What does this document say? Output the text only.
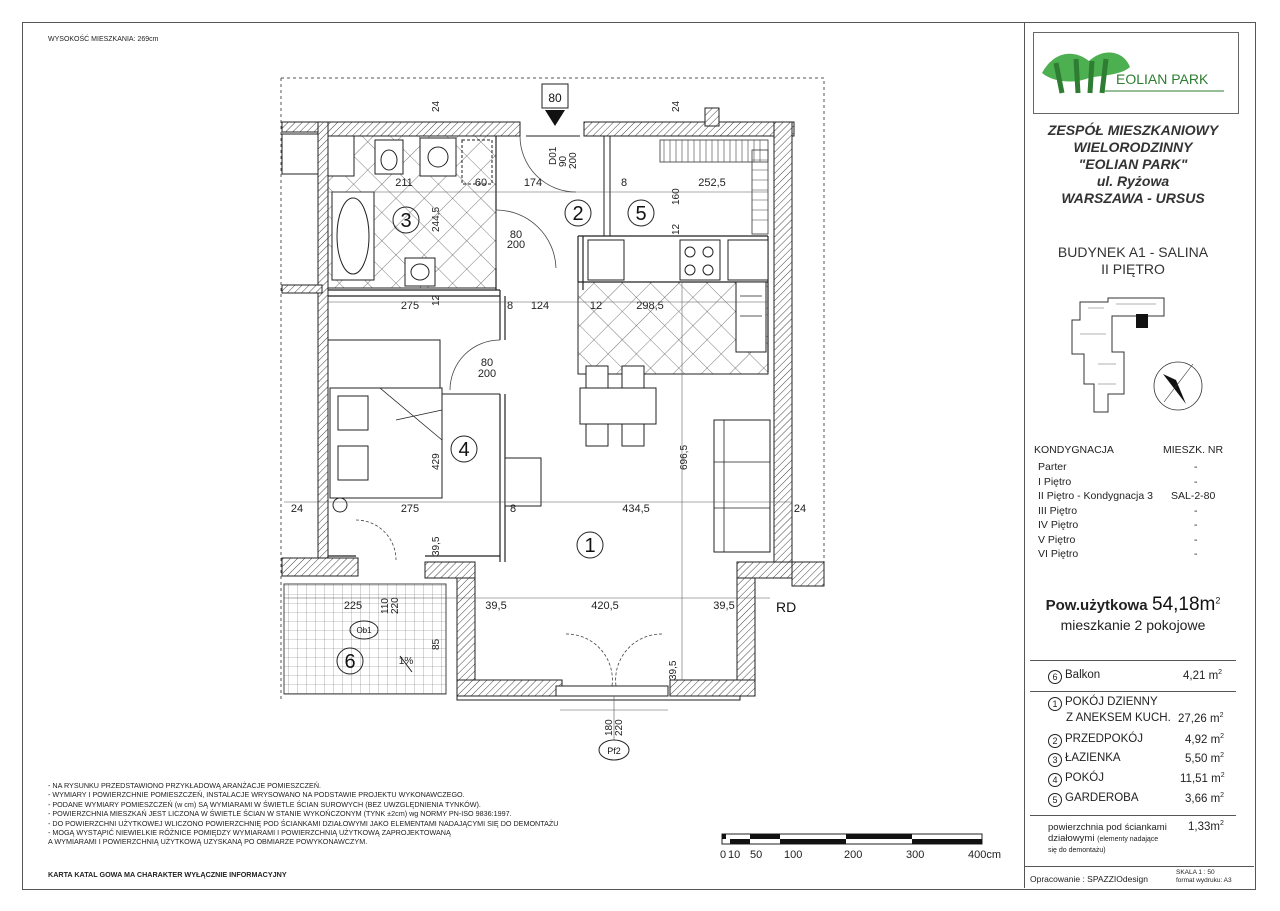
WYSOKOŚĆ MIESZKANIA: 269cm
3	2	5
4
1
6
80
RD
Pf2
Ob1
D01 90 200
211	60	174	8	252,5
80
200
275	8 124	12	298,5
80
200
24	275	8	434,5	24
225	39,5	420,5	39,5
1%
24	24
244,5
160
12
12
429	696,5
39,5
110 220
85
39,5
180 220
- NA RYSUNKU PRZEDSTAWIONO PRZYKŁADOWĄ ARANŻACJE POMIESZCZEŃ.
- WYMIARY I POWIERZCHNIE POMIESZCZEŃ, INSTALACJE WRYSOWANO NA PODSTAWIE PROJEKTU WYKONAWCZEGO.
- PODANE WYMIARY POMIESZCZEŃ (w cm) SĄ WYMIARAMI W ŚWIETLE ŚCIAN SUROWYCH (BEZ UWZGLĘDNIENIA TYNKÓW).
- POWIERZCHNIA MIESZKAŃ JEST LICZONA W ŚWIETLE ŚCIAN W STANIE WYKOŃCZONYM (TYNK ±2cm) wg NORMY PN-ISO 9836:1997.
- DO POWIERZCHNI UŻYTKOWEJ WLICZONO POWIERZCHNIĘ POD ŚCIANKAMI DZIAŁOWYMI JAKO ELEMENTAMI NADAJĄCYMI SIĘ DO DEMONTAŻU
- MOGĄ WYSTĄPIĆ NIEWIELKIE RÓŻNICE POMIĘDZY WYMIARAMI I POWIERZCHNIĄ UŻYTKOWĄ ZAPROJEKTOWANĄ
A WYMIARAMI I POWIERZCHNIĄ UŻYTKOWĄ UZYSKANĄ PO OBMIARZE POWYKONAWCZYM.
KARTA KATAL GOWA MA CHARAKTER WYŁĄCZNIE INFORMACYJNY
0 10 50 100	200	300	400cm
EOLIAN PARK
ZESPÓŁ MIESZKANIOWY
WIELORODZINNY
"EOLIAN PARK"
ul. Ryżowa
WARSZAWA - URSUS
BUDYNEK A1 - SALINA
II PIĘTRO
KONDYGNACJA	MIESZK. NR
Parter	-
I Piętro	-
II Piętro - Kondygnacja 3 SAL-2-80
III Piętro	-
IV Piętro	-
V Piętro	-
VI Piętro	-
Pow.użytkowa $54,18m^2$
mieszkanie 2 pokojowe
6 Balkon	4,21 $m^2$
1 POKÓJ DZIENNY
Z ANEKSEM KUCH. 27,26 $m^2$
2 PRZEDPOKÓJ	4,92 $m^2$
3 ŁAZIENKA	5,50 $m^2$
4 POKÓJ	11,51 $m^2$
5 GARDEROBA	3,66 $m^2$
powierzchnia pod ściankami
działowymi (elementy nadające
się do demontażu)
$1,33m^2$
Opracowanie : SPAZZIOdesign
SKALA 1 : 50
format wydruku: A3
